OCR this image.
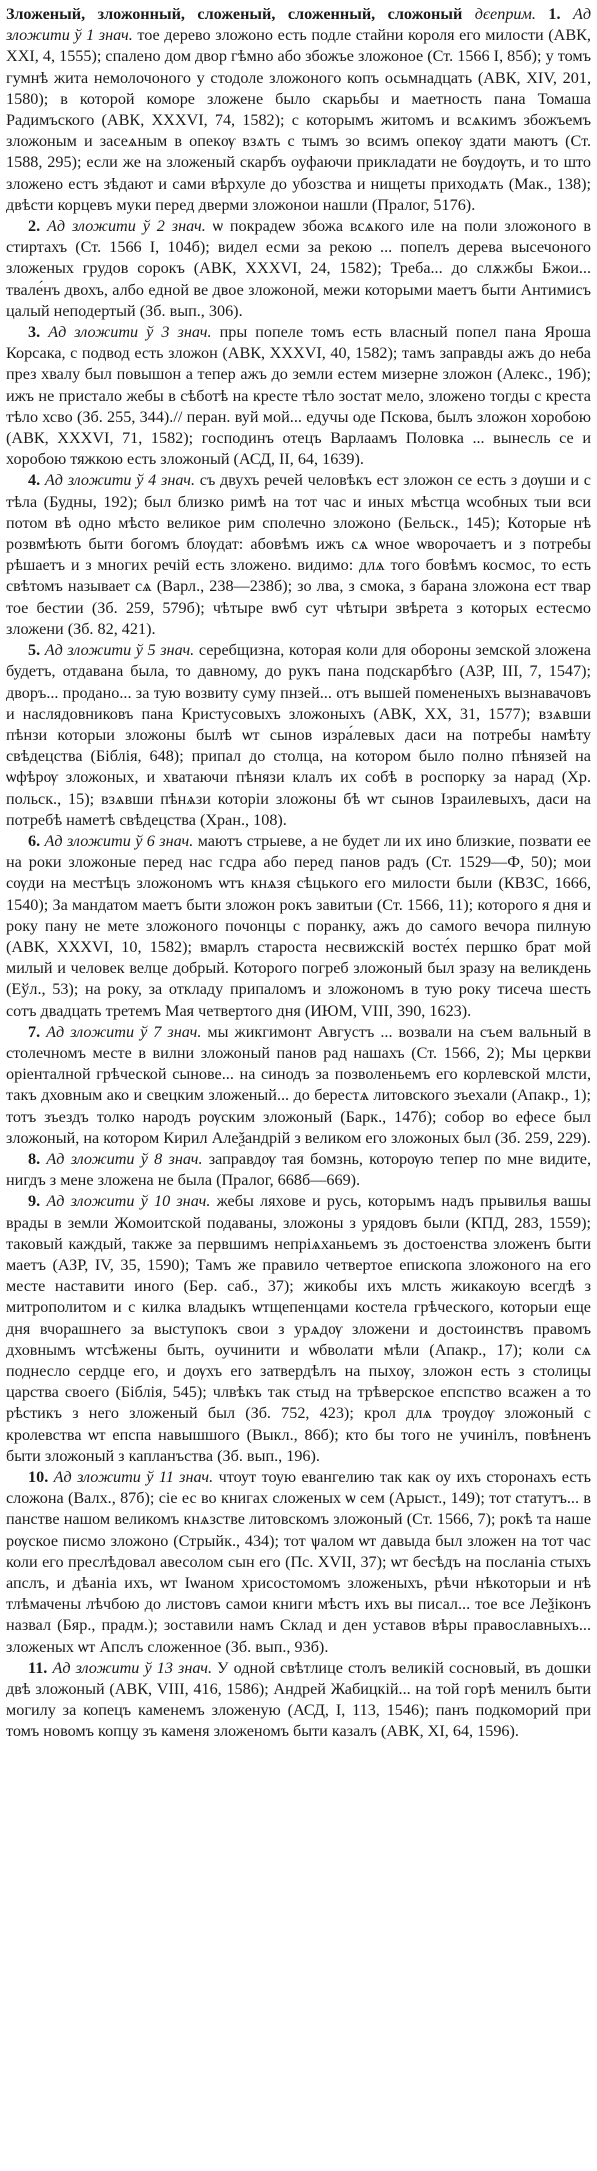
Зложеный, зложонный, сложеный, сложенный, сложоный дєеприм. 1. Ад зложити ў 1 знач. тое дерево зложоно есть подле стайни короля его милости (АВК, XXI, 4, 1555); спалено дом двор гѣмно або збожъе зложоное (Ст. 1566 I, 85б); у томъ гумнѣ жита немолочоного у стодоле зложоного копъ осьмнадцать (АВК, XIV, 201, 1580); в которой коморе зложене было скарьбы и маетность пана Томаша Радимъского (АВК, XXXVI, 74, 1582); с которымъ житомъ и всѧкимъ збожъемъ зложоным и засеѧным в опекѹ взѧть с тымъ зо всимъ опекѹ здати маютъ (Ст. 1588, 295); если же на зложеный скарбъ оуфаючи прикладати не бѹдѹть, и то што зложено естъ зѣдают и сами вѣрхуле до убозства и нищеты приходѧть (Мак., 138); двѣсти корцевъ муки перед дверми зложонои нашли (Пралог, 5176).

2. Ад зложити ў 2 знач. ѡ покрадеѡ збожа всѧкого иле на поли зложоного в стиртахъ (Ст. 1566 I, 104б); видел есми за рекою ... попелъ дерева высечоного зложеных грудов сорокъ (АВК, XXXVI, 24, 1582); Треба... до слѫжбы Бжои... твале́нъ двохъ, албо едной ве двое зложоной, межи которыми маетъ быти Антимисъ цалый неподертый (Зб. вып., 306).

3. Ад зложити ў 3 знач. пры попеле томъ есть власный попел пана Яроша Корсака, с подвод есть зложон (АВК, XXXVI, 40, 1582); тамъ заправды ажъ до неба през хвалу был повышон а тепер ажъ до земли естем мизерне зложон (Алекс., 19б); ижъ не пристало жебы в сѣботѣ на кресте тѣло зостат мело, зложено тогды с креста тѣло хсво (Зб. 255, 344).// перан. вуй мой... едучы оде Пскова, былъ зложон хоробою (АВК, XXXVI, 71, 1582); господинъ отецъ Варлаамъ Половка ... вынесль се и хоробою тяжкою есть зложоный (АСД, II, 64, 1639).

4. Ад зложити ў 4 знач. съ двухъ речей человѣкъ ест зложон се есть з дѹши и с тѣла (Будны, 192); был близко римѣ на тот час и иных мѣстца ѡсобных тыи вси потом вѣ одно мѣсто великое рим сполечно зложоно (Бельск., 145); Которые нѣ розвмѣють быти богомъ блѹдат: абовѣмъ ижъ сѧ ѡное ѡворочаетъ и з потребы рѣшаетъ и з многих речій есть зложено. видимо: длѧ того бовѣмъ космос, то есть свѣтомъ называет сѧ (Варл., 238—238б); зо лва, з смока, з барана зложона ест твар тое бестии (Зб. 259, 579б); чѣтыре вѡб сут чѣтыри звѣрета з которых естесмо зложени (Зб. 82, 421).

5. Ад зложити ў 5 знач. серебщизна, которая коли для обороны земской зложена будетъ, отдавана была, то давному, до рукъ пана подскарбѣго (АЗР, III, 7, 1547); дворъ... продано... за тую возвиту суму пнзей... отъ вышей помененыхъ вызнавачовъ и наслядовниковъ пана Кристусовыхъ зложоныхъ (АВК, XX, 31, 1577); взѧвши пѣнзи которыи зложоны былѣ ѡт сынов изра́левых даси на потребы намѣту свѣдецства (Біблія, 648); припал до столца, на котором было полно пѣнязей на ѡфѣрѹ зложоных, и хватаючи пѣнязи клалъ их собѣ в роспорку за нарад (Хр. польск., 15); взѧвши пѣнѧзи которіи зложоны бѣ ѡт сынов Ізраилевыхъ, даси на потребѣ наметѣ свѣдецства (Хран., 108).

6. Ад зложити ў 6 знач. маютъ стрыеве, а не будет ли их ино близкие, позвати ее на роки зложоные перед нас гсдра або перед панов радъ (Ст. 1529—Ф, 50); мои сѹди на местѣцъ зложономъ ѡтъ кнѧзя сѣцького его милости были (КВЗС, 1666, 1540); За мандатом маетъ быти зложон рокъ завитыи (Ст. 1566, 11); которого я дня и року пану не мете зложоного почонцы с поранку, ажъ до самого вечора пилную (АВК, XXXVI, 10, 1582); вмарлъ староста несвижскій восте́х першко брат мой милый и человек велце добрый. Которого погреб зложоный был зразу на великдень (Еўл., 53); на року, за откладу припаломъ и зложономъ в тую року тисеча шесть сотъ двадцать третемъ Мая четвертого дня (ИЮМ, VIII, 390, 1623).

7. Ад зложити ў 7 знач. мы жикгимонт Августъ ... возвали на съем вальный в столечномъ месте в вилни зложоный панов рад нашахъ (Ст. 1566, 2); Мы церкви оріенталной грѣческой сынове... на синодъ за позволеньемъ его корлевской млсти, такъ дховным ако и свецким зложеный... до берестѧ литовского зъехали (Апакр., 1); тотъ зъездъ толко народъ рѹским зложоный (Барк., 147б); собор во ефесе был зложоный, на котором Кирил Алеѯандрій з великом его зложоных был (Зб. 259, 229).

8. Ад зложити ў 8 знач. заправдѹ тая бомзнь, которѹю тепер по мне видите, нигдъ з мене зложена не была (Пралог, 668б—669).

9. Ад зложити ў 10 знач. жебы ляхове и русь, которымъ надъ прывилья вашы врады в земли Жомоитской подаваны, зложоны з урядовъ были (КПД, 283, 1559); таковый каждый, также за первшимъ непріѧханьемъ зъ достоенства зложенъ быти маетъ (АЗР, IV, 35, 1590); Тамъ же правило четвертое епископа зложоного на его месте наставити иного (Бер. саб., 37); жикобы ихъ млсть жикакоую всегдѣ з митрополитом и с килка владыкъ ѡтщепенцами костела грѣческого, которыи еще дня вчорашнего за выступокъ свои з урѧдѹ зложени и достоинствъ правомъ дховнымъ ѡтсѣжены быть, оучинити и ѡбволати мѣли (Апакр., 17); коли сѧ поднесло сердце его, и дѹхъ его затвердѣлъ на пыхѹ, зложон есть з столицы царства своего (Біблія, 545); члвѣкъ так стыд на трѣверское епспство всажен а то рѣстикъ з него зложеный был (Зб. 752, 423); крол длѧ трѹдѹ зложоный с кролевства ѡт епспа навышшого (Выкл., 86б); кто бы того не учинілъ, повѣненъ быти зложоный з капланъства (Зб. вып., 196).

10. Ад зложити ў 11 знач. чтоут тоую евангелию так как оу ихъ сторонахъ есть сложона (Валх., 87б); сіе ес во книгах сложеных ѡ сем (Арыст., 149); тот статутъ... в панстве нашом великомъ кнѧзстве литовскомъ зложоный (Ст. 1566, 7); рокѣ та наше рѹское писмо зложоно (Стрыйк., 434); тот ѱалом ѡт давыда был зложен на тот час коли его преслѣдовал авесолом сын его (Пс. XVII, 37); ѡт бесѣдъ на посланіа стыхъ апслъ, и дѣаніа ихъ, ѡт Іѡаном хрисостомомъ зложеныхъ, рѣчи нѣкоторыи и нѣ тлѣмачены лѣчбою до листовъ самои книги мѣстъ ихъ вы писал... тое все Леѯіконъ назвал (Бяр., прадм.); зоставили намъ Склад и ден уставов вѣры православныхъ... зложеных ѡт Апслъ сложенное (Зб. вып., 93б).

11. Ад зложити ў 13 знач. У одной свѣтлице столъ великій сосновый, въ дошки двѣ зложоный (АВК, VIII, 416, 1586); Андрей Жабицкій... на той горѣ менилъ быти могилу за копецъ каменемъ зложеную (АСД, I, 113, 1546); панъ подкоморий при томъ новомъ копцу зъ каменя зложеномъ быти казалъ (АВК, XI, 64, 1596).
